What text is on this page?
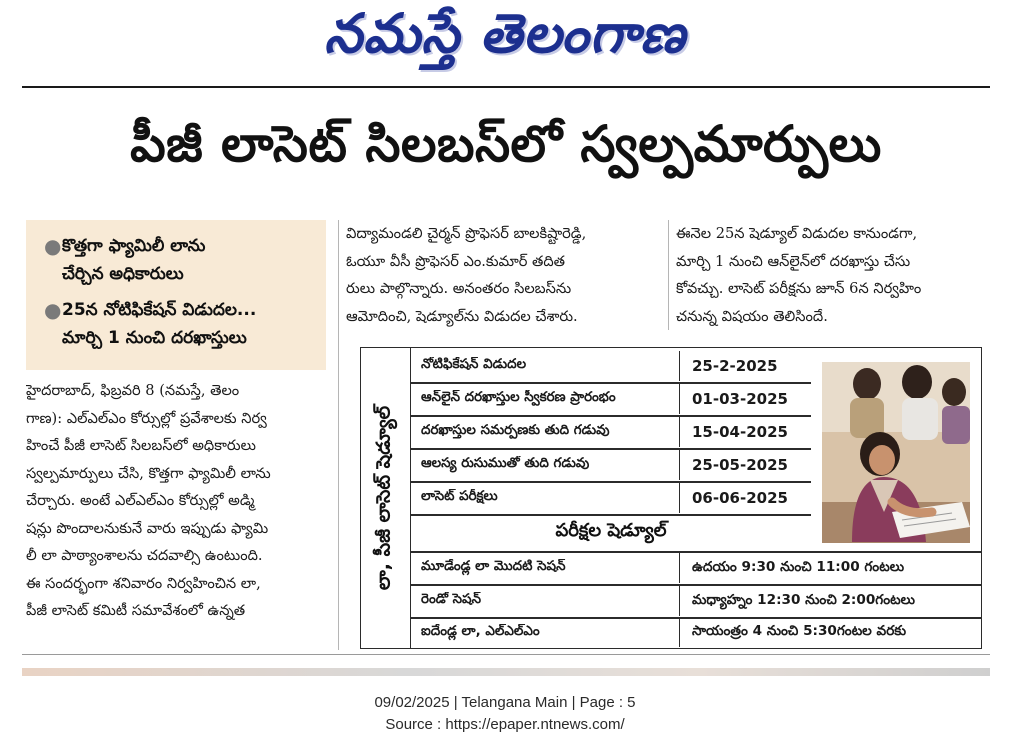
నమస్తే తెలంగాణ
పీజీ లాసెట్ సిలబస్‌లో స్వల్పమార్పులు
● కొత్తగా ఫ్యామిలీ లాను
చేర్చిన అధికారులు
● 25న నోటిఫికేషన్ విడుదల...
మార్చి 1 నుంచి దరఖాస్తులు
హైదరాబాద్, ఫిబ్రవరి 8 (నమస్తే, తెలం
గాణ): ఎల్ఎల్ఎం కోర్సుల్లో ప్రవేశాలకు నిర్వ
హించే పీజీ లాసెట్ సిలబస్‌లో అధికారులు
స్వల్పమార్పులు చేసి, కొత్తగా ఫ్యామిలీ లాను
చేర్చారు. అంటే ఎల్ఎల్ఎం కోర్సుల్లో అడ్మి
షన్లు పొందాలనుకునే వారు ఇప్పుడు ఫ్యామి
లీ లా పాఠ్యాంశాలను చదవాల్సి ఉంటుంది.
ఈ సందర్భంగా శనివారం నిర్వహించిన లా,
పీజీ లాసెట్ కమిటీ సమావేశంలో ఉన్నత
విద్యామండలి చైర్మన్ ప్రొఫెసర్ బాలకిష్టారెడ్డి,
ఓయూ వీసీ ప్రొఫెసర్ ఎం.కుమార్ తదిత
రులు పాల్గొన్నారు. అనంతరం సిలబస్‌ను
ఆమోదించి, షెడ్యూల్‌ను విడుదల చేశారు.
ఈనెల 25న షెడ్యూల్ విడుదల కానుండగా,
మార్చి 1 నుంచి ఆన్‌లైన్‌లో దరఖాస్తు చేసు
కోవచ్చు. లాసెట్ పరీక్షను జూన్ 6న నిర్వహిం
చనున్న విషయం తెలిసిందే.
లా, పీజీ లాసెట్ షెడ్యూల్
నోటిఫికేషన్ విడుదల	25-2-2025
ఆన్‌లైన్ దరఖాస్తుల స్వీకరణ ప్రారంభం	01-03-2025
దరఖాస్తుల సమర్పణకు తుది గడువు	15-04-2025
ఆలస్య రుసుముతో తుది గడువు	25-05-2025
లాసెట్ పరీక్షలు	06-06-2025
పరీక్షల షెడ్యూల్
మూడేండ్ల లా మొదటి సెషన్	ఉదయం 9:30 నుంచి 11:00 గంటలు
రెండో సెషన్	మధ్యాహ్నం 12:30 నుంచి 2:00గంటలు
ఐదేండ్ల లా, ఎల్ఎల్ఎం	సాయంత్రం 4 నుంచి 5:30గంటల వరకు
09/02/2025 | Telangana Main | Page : 5
Source : https://epaper.ntnews.com/
